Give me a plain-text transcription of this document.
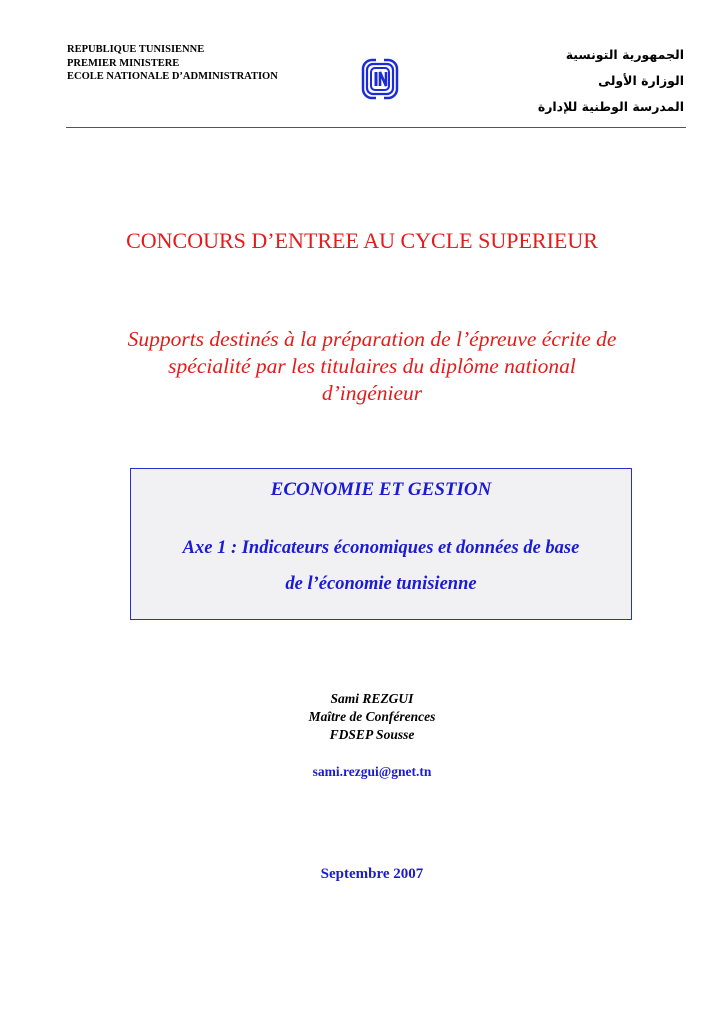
REPUBLIQUE TUNISIENNE
PREMIER MINISTERE
ECOLE NATIONALE D’ADMINISTRATION
الجمهورية التونسية
الوزارة الأولى
المدرسة الوطنية للإدارة
CONCOURS D’ENTREE AU CYCLE SUPERIEUR
Supports destinés à la préparation de l’épreuve écrite de
spécialité par les titulaires du diplôme national
d’ingénieur
ECONOMIE ET GESTION
Axe 1 : Indicateurs économiques et données de base
de l’économie tunisienne
Sami REZGUI
Maître de Conférences
FDSEP Sousse
sami.rezgui@gnet.tn
Septembre 2007
